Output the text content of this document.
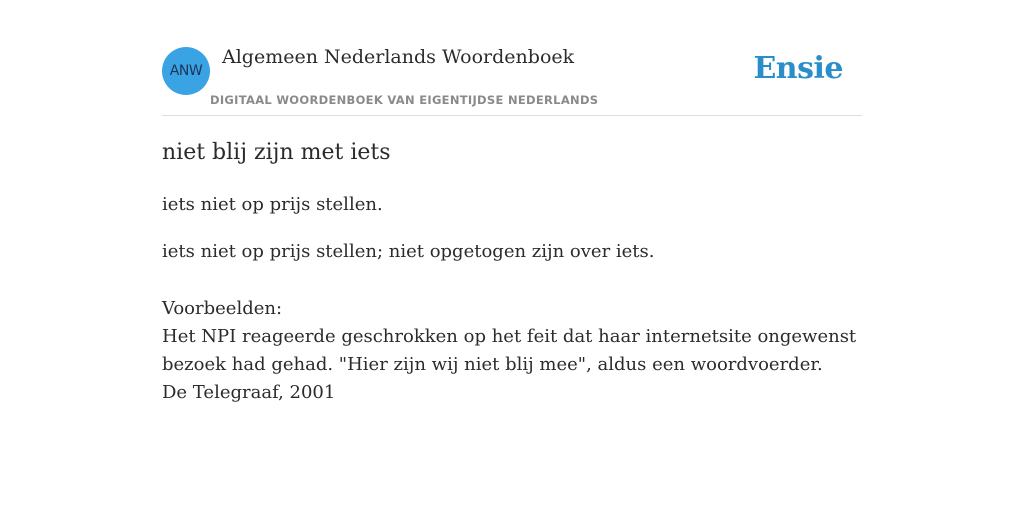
ANW
Algemeen Nederlands Woordenboek
DIGITAAL WOORDENBOEK VAN EIGENTIJDSE NEDERLANDS
Ensie
niet blij zijn met iets

iets niet op prijs stellen.

iets niet op prijs stellen; niet opgetogen zijn over iets.

Voorbeelden:
Het NPI reageerde geschrokken op het feit dat haar internetsite ongewenst
bezoek had gehad. "Hier zijn wij niet blij mee", aldus een woordvoerder.
De Telegraaf, 2001
